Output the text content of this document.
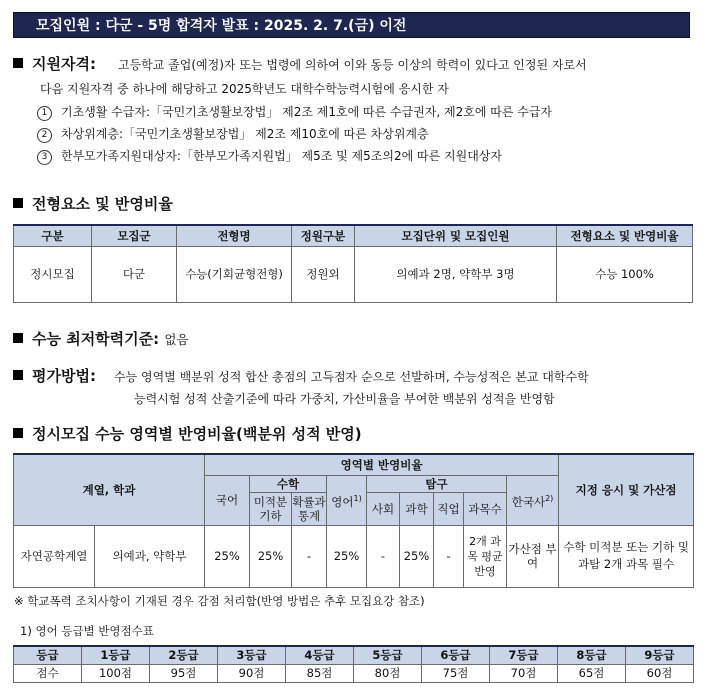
모집인원 : 다군 - 5명 합격자 발표 : 2025. 2. 7.(금) 이전
지원자격: 고등학교 졸업(예정)자 또는 법령에 의하여 이와 동등 이상의 학력이 있다고 인정된 자로서
다음 지원자격 중 하나에 해당하고 2025학년도 대학수학능력시험에 응시한 자
1 기초생활 수급자:「국민기초생활보장법」 제2조 제1호에 따른 수급권자, 제2호에 따른 수급자
2 차상위계층:「국민기초생활보장법」 제2조 제10호에 따른 차상위계층
3 한부모가족지원대상자:「한부모가족지원법」 제5조 및 제5조의2에 따른 지원대상자
전형요소 및 반영비율
구분	모집군	전형명	정원구분	모집단위 및 모집인원	전형요소 및 반영비율
정시모집	다군	수능(기회균형전형)	정원외	의예과 2명, 약학부 3명	수능 100%
수능 최저학력기준: 없음
평가방법: 수능 영역별 백분위 성적 합산 총점의 고득점자 순으로 선발하며, 수능성적은 본교 대학수학
능력시험 성적 산출기준에 따라 가중치, 가산비율을 부여한 백분위 성적을 반영함
정시모집 수능 영역별 반영비율(백분위 성적 반영)
계열, 학과		영역별 반영비율									지정 응시 및 가산점
		국어	수학		영어$^{1)}$	탐구				한국사$^{2)}$
			미적분 기하	확률과 통계		사회	과학	직업	과목수		

자연공학계열	의예과, 약학부	25%	25%	-	25%	-	25%	-	2개 과목 평균 반영	가산점 부여	수학 미적분 또는 기하 및 과탐 2개 과목 필수
※ 학교폭력 조치사항이 기재된 경우 감점 처리함(반영 방법은 추후 모집요강 참조)
1) 영어 등급별 반영점수표
등급	1등급	2등급	3등급	4등급	5등급	6등급	7등급	8등급	9등급
점수	100점	95점	90점	85점	80점	75점	70점	65점	60점
